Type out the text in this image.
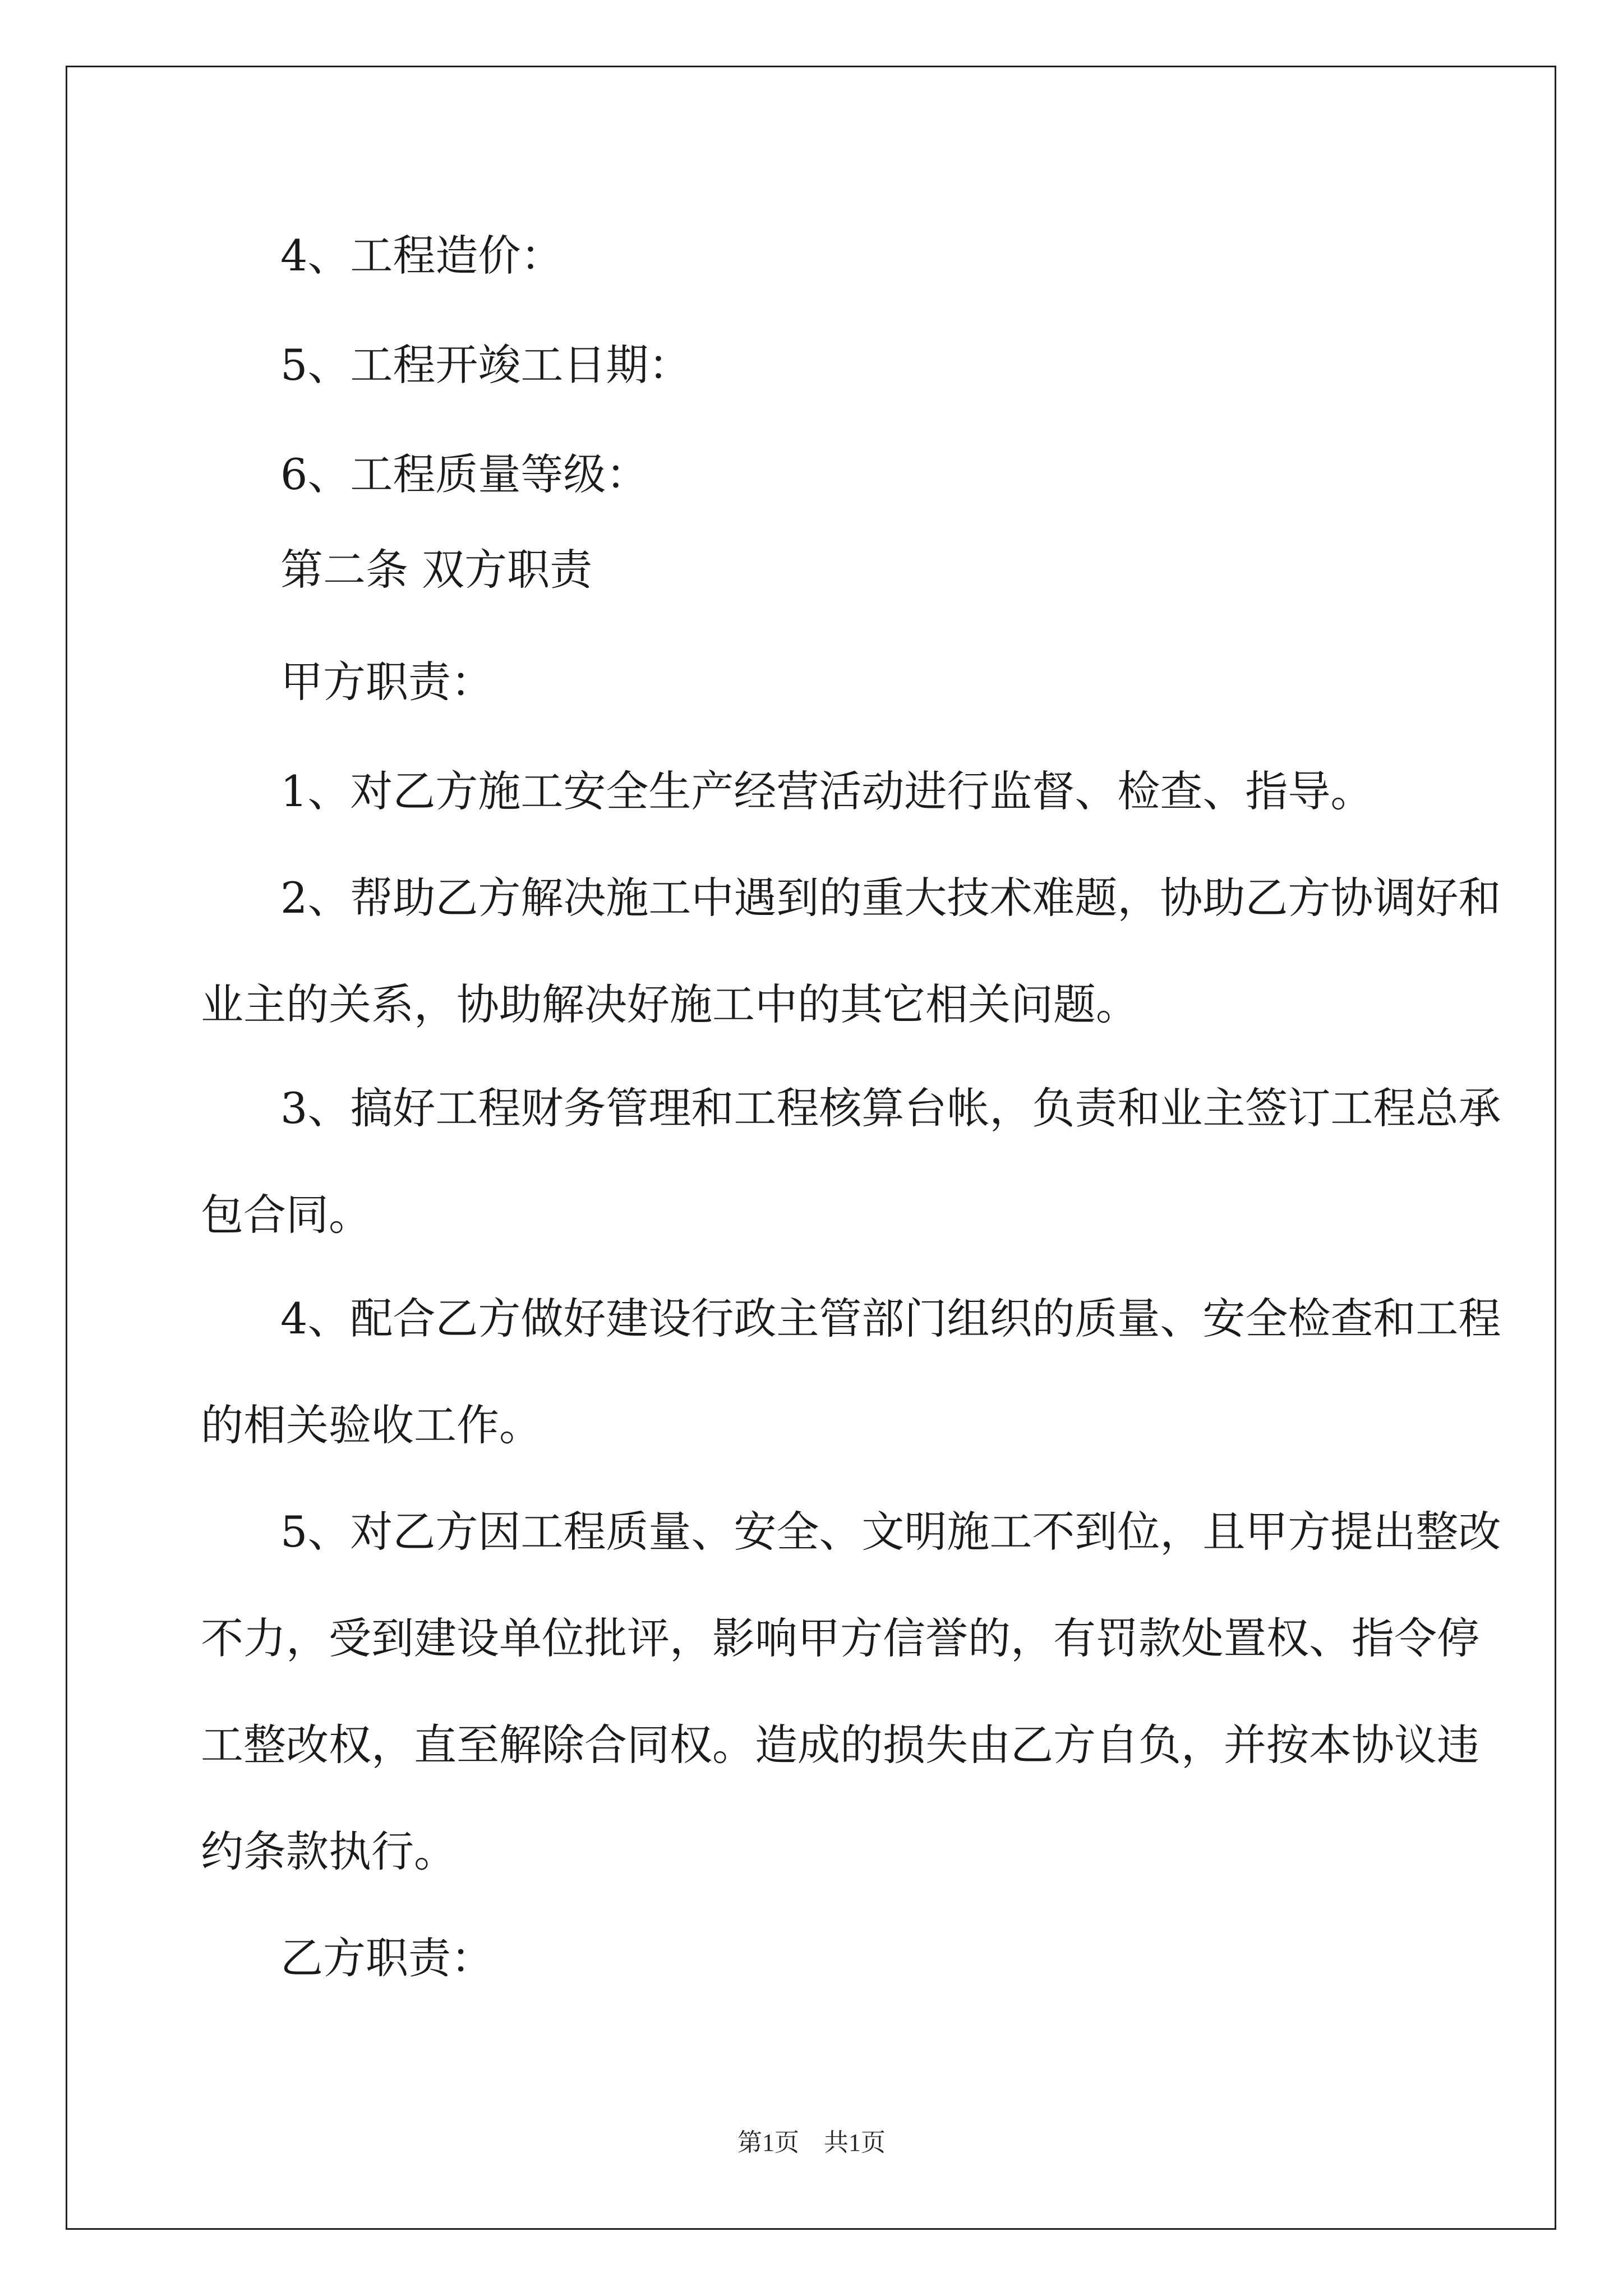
4、工程造价：
5、工程开竣工日期：
6、工程质量等级：
第二条 双方职责
甲方职责：
1 、 对 乙 方 施 工 安 全 生 产 经 营 活 动 进 行 监 督 、 检 查 、 指 导 。
2 、 帮 助 乙 方 解 决 施 工 中 遇 到 的 重 大 技 术 难 题 ， 协 助 乙 方 协 调 好 和
业主的关系，协助解决好施工中的其它相关问题。
3 、 搞 好 工 程 财 务 管 理 和 工 程 核 算 台 帐 ， 负 责 和 业 主 签 订 工 程 总 承
包合同。
4 、 配 合 乙 方 做 好 建 设 行 政 主 管 部 门 组 织 的 质 量 、 安 全 检 查 和 工 程
的相关验收工作。
5 、 对 乙 方 因 工 程 质 量 、 安 全 、 文 明 施 工 不 到 位 ， 且 甲 方 提 出 整 改
不 力 ， 受 到 建 设 单 位 批 评 ， 影 响 甲 方 信 誉 的 ， 有 罚 款 处 置 权 、 指 令 停
工 整 改 权 ， 直 至 解 除 合 同 权 。 造 成 的 损 失 由 乙 方 自 负 ， 并 按 本 协 议 违
约条款执行。
乙方职责：
第1页　共1页
